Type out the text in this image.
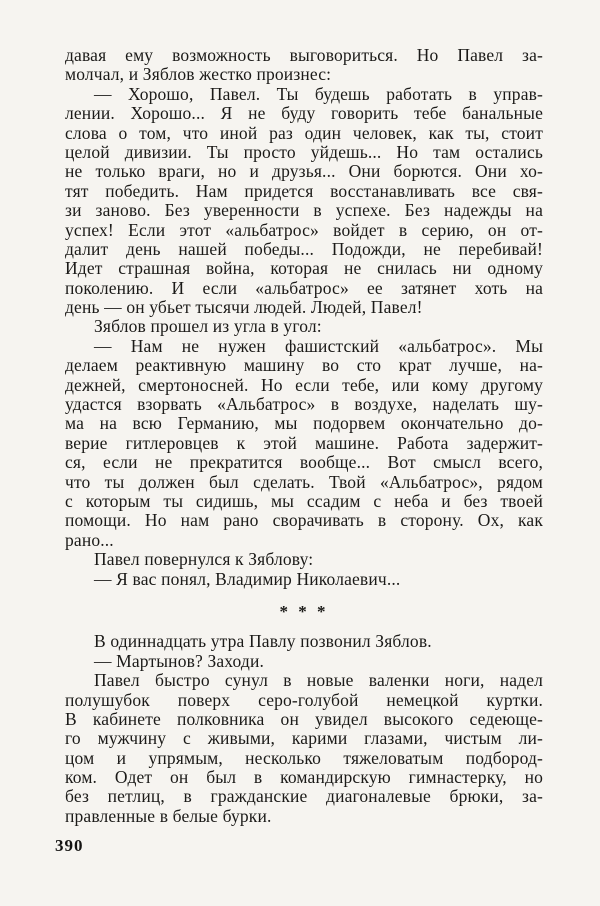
давая ему возможность выговориться. Но Павел за-
молчал, и Зяблов жестко произнес:
— Хорошо, Павел. Ты будешь работать в управ-
лении. Хорошо... Я не буду говорить тебе банальные
слова о том, что иной раз один человек, как ты, стоит
целой дивизии. Ты просто уйдешь... Но там остались
не только враги, но и друзья... Они борются. Они хо-
тят победить. Нам придется восстанавливать все свя-
зи заново. Без уверенности в успехе. Без надежды на
успех! Если этот «альбатрос» войдет в серию, он от-
далит день нашей победы... Подожди, не перебивай!
Идет страшная война, которая не снилась ни одному
поколению. И если «альбатрос» ее затянет хоть на
день — он убьет тысячи людей. Людей, Павел!
Зяблов прошел из угла в угол:
— Нам не нужен фашистский «альбатрос». Мы
делаем реактивную машину во сто крат лучше, на-
дежней, смертоносней. Но если тебе, или кому другому
удастся взорвать «Альбатрос» в воздухе, наделать шу-
ма на всю Германию, мы подорвем окончательно до-
верие гитлеровцев к этой машине. Работа задержит-
ся, если не прекратится вообще... Вот смысл всего,
что ты должен был сделать. Твой «Альбатрос», рядом
с которым ты сидишь, мы ссадим с неба и без твоей
помощи. Но нам рано сворачивать в сторону. Ох, как
рано...
Павел повернулся к Зяблову:
— Я вас понял, Владимир Николаевич...
* * *
В одиннадцать утра Павлу позвонил Зяблов.
— Мартынов? Заходи.
Павел быстро сунул в новые валенки ноги, надел
полушубок поверх серо-голубой немецкой куртки.
В кабинете полковника он увидел высокого седеюще-
го мужчину с живыми, карими глазами, чистым ли-
цом и упрямым, несколько тяжеловатым подбород-
ком. Одет он был в командирскую гимнастерку, но
без петлиц, в гражданские диагоналевые брюки, за-
правленные в белые бурки.
390
